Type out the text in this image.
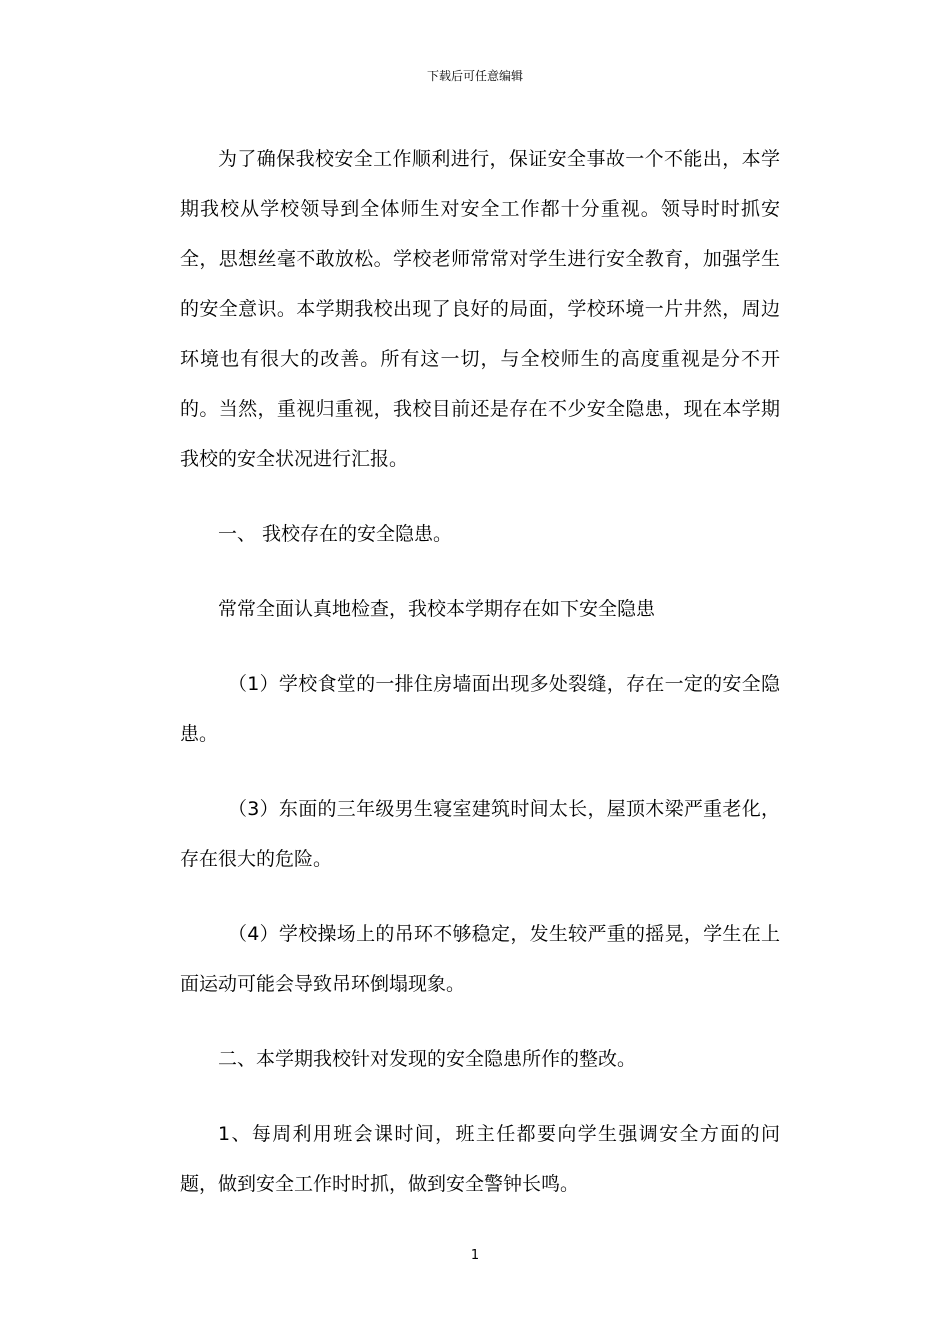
下载后可任意编辑

为了确保我校安全工作顺利进行，保证安全事故一个不能出，本学期我校从学校领导到全体师生对安全工作都十分重视。领导时时抓安全，思想丝毫不敢放松。学校老师常常对学生进行安全教育，加强学生的安全意识。本学期我校出现了良好的局面，学校环境一片井然，周边环境也有很大的改善。所有这一切，与全校师生的高度重视是分不开的。当然，重视归重视，我校目前还是存在不少安全隐患，现在本学期我校的安全状况进行汇报。

一、 我校存在的安全隐患。

常常全面认真地检查，我校本学期存在如下安全隐患

（1）学校食堂的一排住房墙面出现多处裂缝，存在一定的安全隐患。

（3）东面的三年级男生寝室建筑时间太长，屋顶木梁严重老化，存在很大的危险。

（4）学校操场上的吊环不够稳定，发生较严重的摇晃，学生在上面运动可能会导致吊环倒塌现象。

二、本学期我校针对发现的安全隐患所作的整改。

1、每周利用班会课时间，班主任都要向学生强调安全方面的问题，做到安全工作时时抓，做到安全警钟长鸣。

1
